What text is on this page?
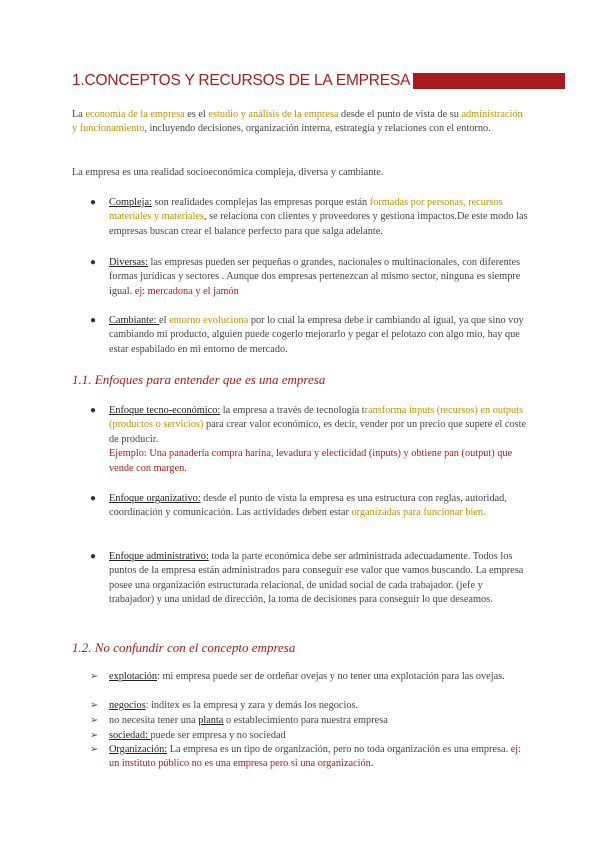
1.CONCEPTOS Y RECURSOS DE LA EMPRESA

La economía de la empresa es el estudio y análisis de la empresa desde el punto de vista de su administración y funcionamiento, incluyendo decisiones, organización interna, estrategia y relaciones con el entorno.

La empresa es una realidad socioeconómica compleja, diversa y cambiante.

● Compleja: son realidades complejas las empresas porque están formadas por personas, recursos materiales y materiales, se relaciona con clientes y proveedores y gestiona impactos.De este modo las empresas buscan crear el balance perfecto para que salga adelante.
● Diversas: las empresas pueden ser pequeñas o grandes, nacionales o multinacionales, con diferentes formas jurídicas y sectores . Aunque dos empresas pertenezcan al mismo sector, ninguna es siempre igual. ej: mercadona y el jamón
● Cambiante: el entorno evoluciona por lo cual la empresa debe ir cambiando al igual, ya que sino voy cambiando mi producto, alguien puede cogerlo mejorarlo y pegar el pelotazo con algo mío, hay que estar espabilado en mi entorno de mercado.
1.1. Enfoques para entender que es una empresa
● Enfoque tecno-económico: la empresa a través de tecnología transforma inputs (recursos) en outputs (productos o servicios) para crear valor económico, es decir, vender por un precio que supere el coste de producir.
Ejemplo: Una panadería compra harina, levadura y electicidad (inputs) y obtiene pan (output) que vende con margen.
● Enfoque organizativo: desde el punto de vista la empresa es una estructura con reglas, autoridad, coordinación y comunicación. Las actividades deben estar organizadas para funcionar bien.
● Enfoque administrativo: toda la parte económica debe ser administrada adecuadamente. Todos los puntos de la empresa están administrados para conseguir ese valor que vamos buscando. La empresa posee una organización estructurada relacional, de unidad social de cada trabajador. (jefe y trabajador) y una unidad de dirección, la toma de decisiones para conseguir lo que deseamos.
1.2. No confundir con el concepto empresa
➢ explotación: mi empresa puede ser de ordeñar ovejas y no tener una explotación para las ovejas.
➢ negocios: inditex es la empresa y zara y demás los negocios.
➢ no necesita tener una planta o establecimiento para nuestra empresa
➢ sociedad: puede ser empresa y no sociedad
➢ Organización: La empresa es un tipo de organización, pero no toda organización es una empresa. ej: un instituto público no es una empresa pero si una organización.
